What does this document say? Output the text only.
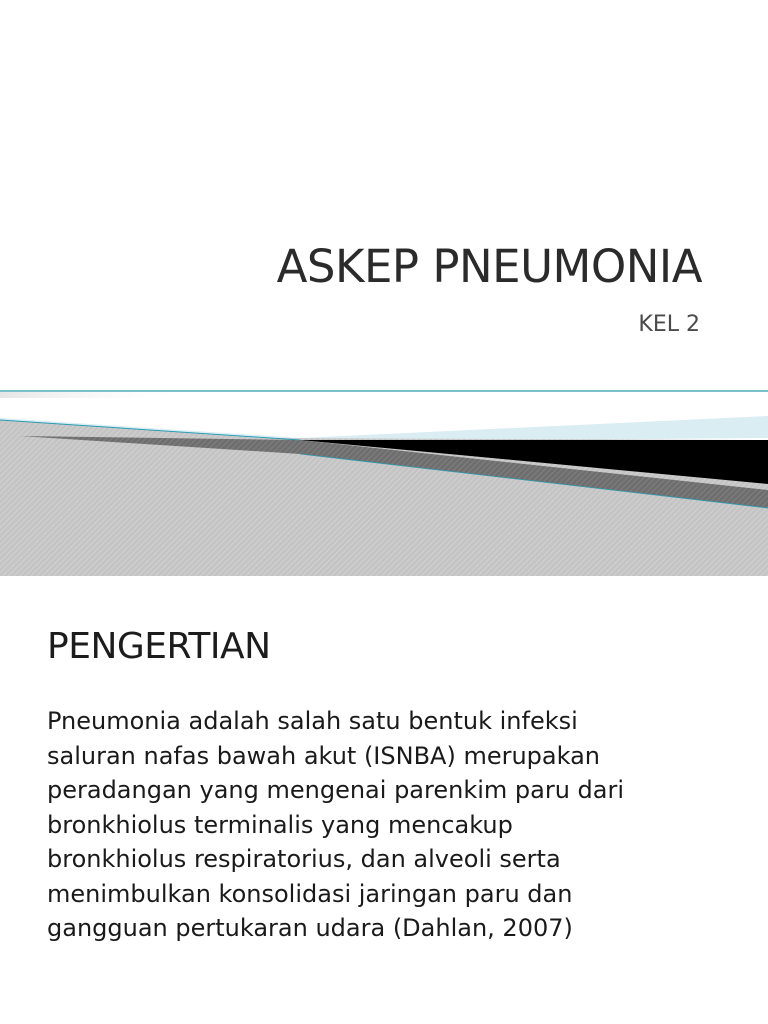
ASKEP PNEUMONIA

KEL 2

PENGERTIAN

Pneumonia adalah salah satu bentuk infeksi
saluran nafas bawah akut (ISNBA) merupakan
peradangan yang mengenai parenkim paru dari
bronkhiolus terminalis yang mencakup
bronkhiolus respiratorius, dan alveoli serta
menimbulkan konsolidasi jaringan paru dan
gangguan pertukaran udara (Dahlan, 2007)
